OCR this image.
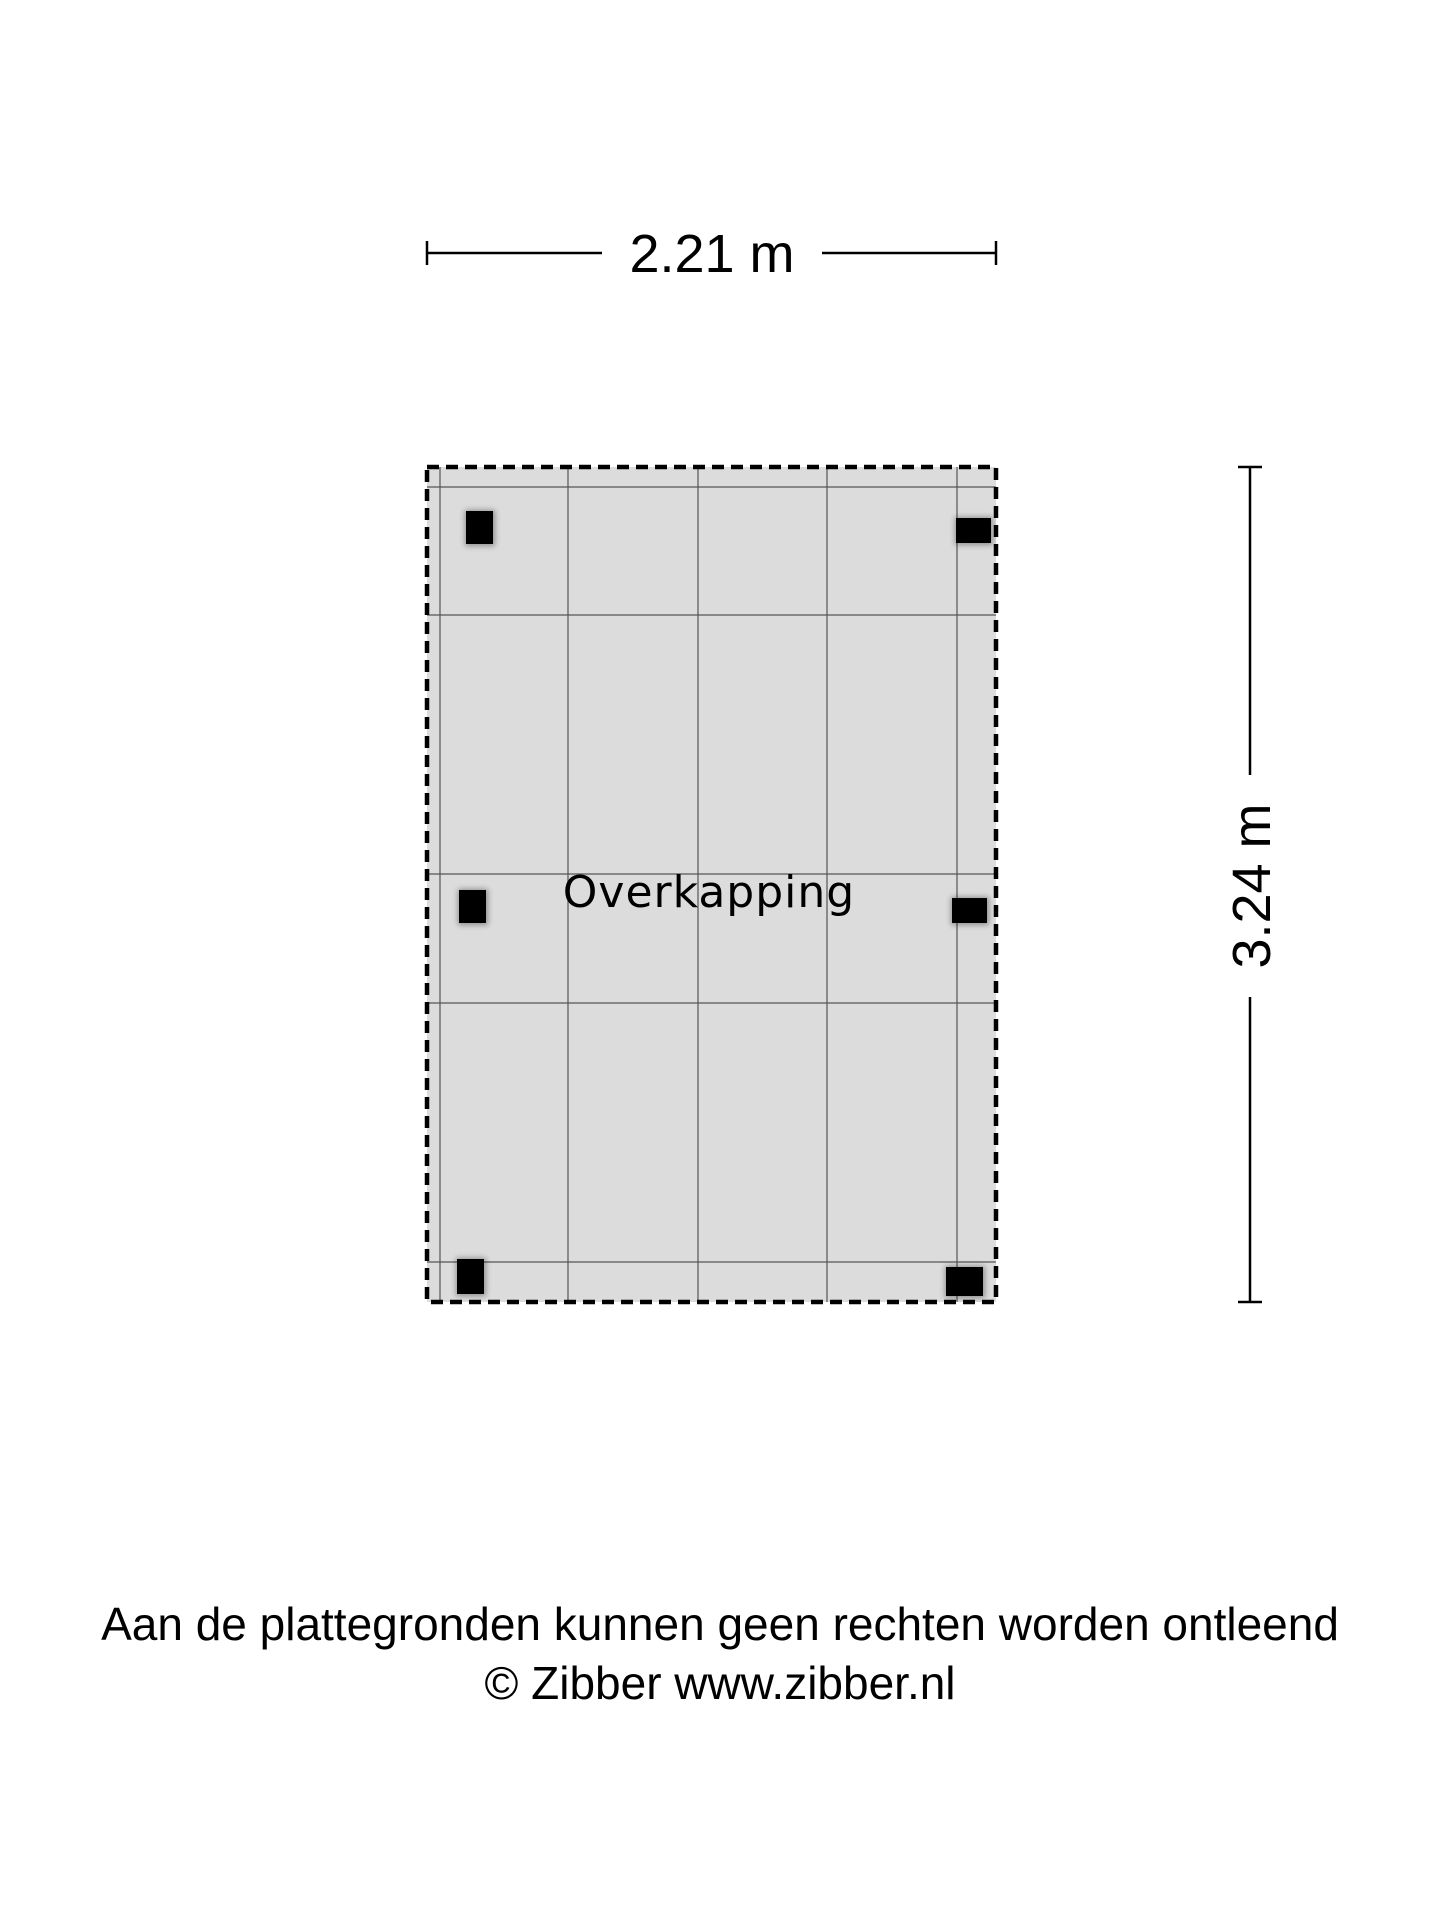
2.21 m
3.24 m
Overkapping
Aan de plattegronden kunnen geen rechten worden ontleend
© Zibber www.zibber.nl
